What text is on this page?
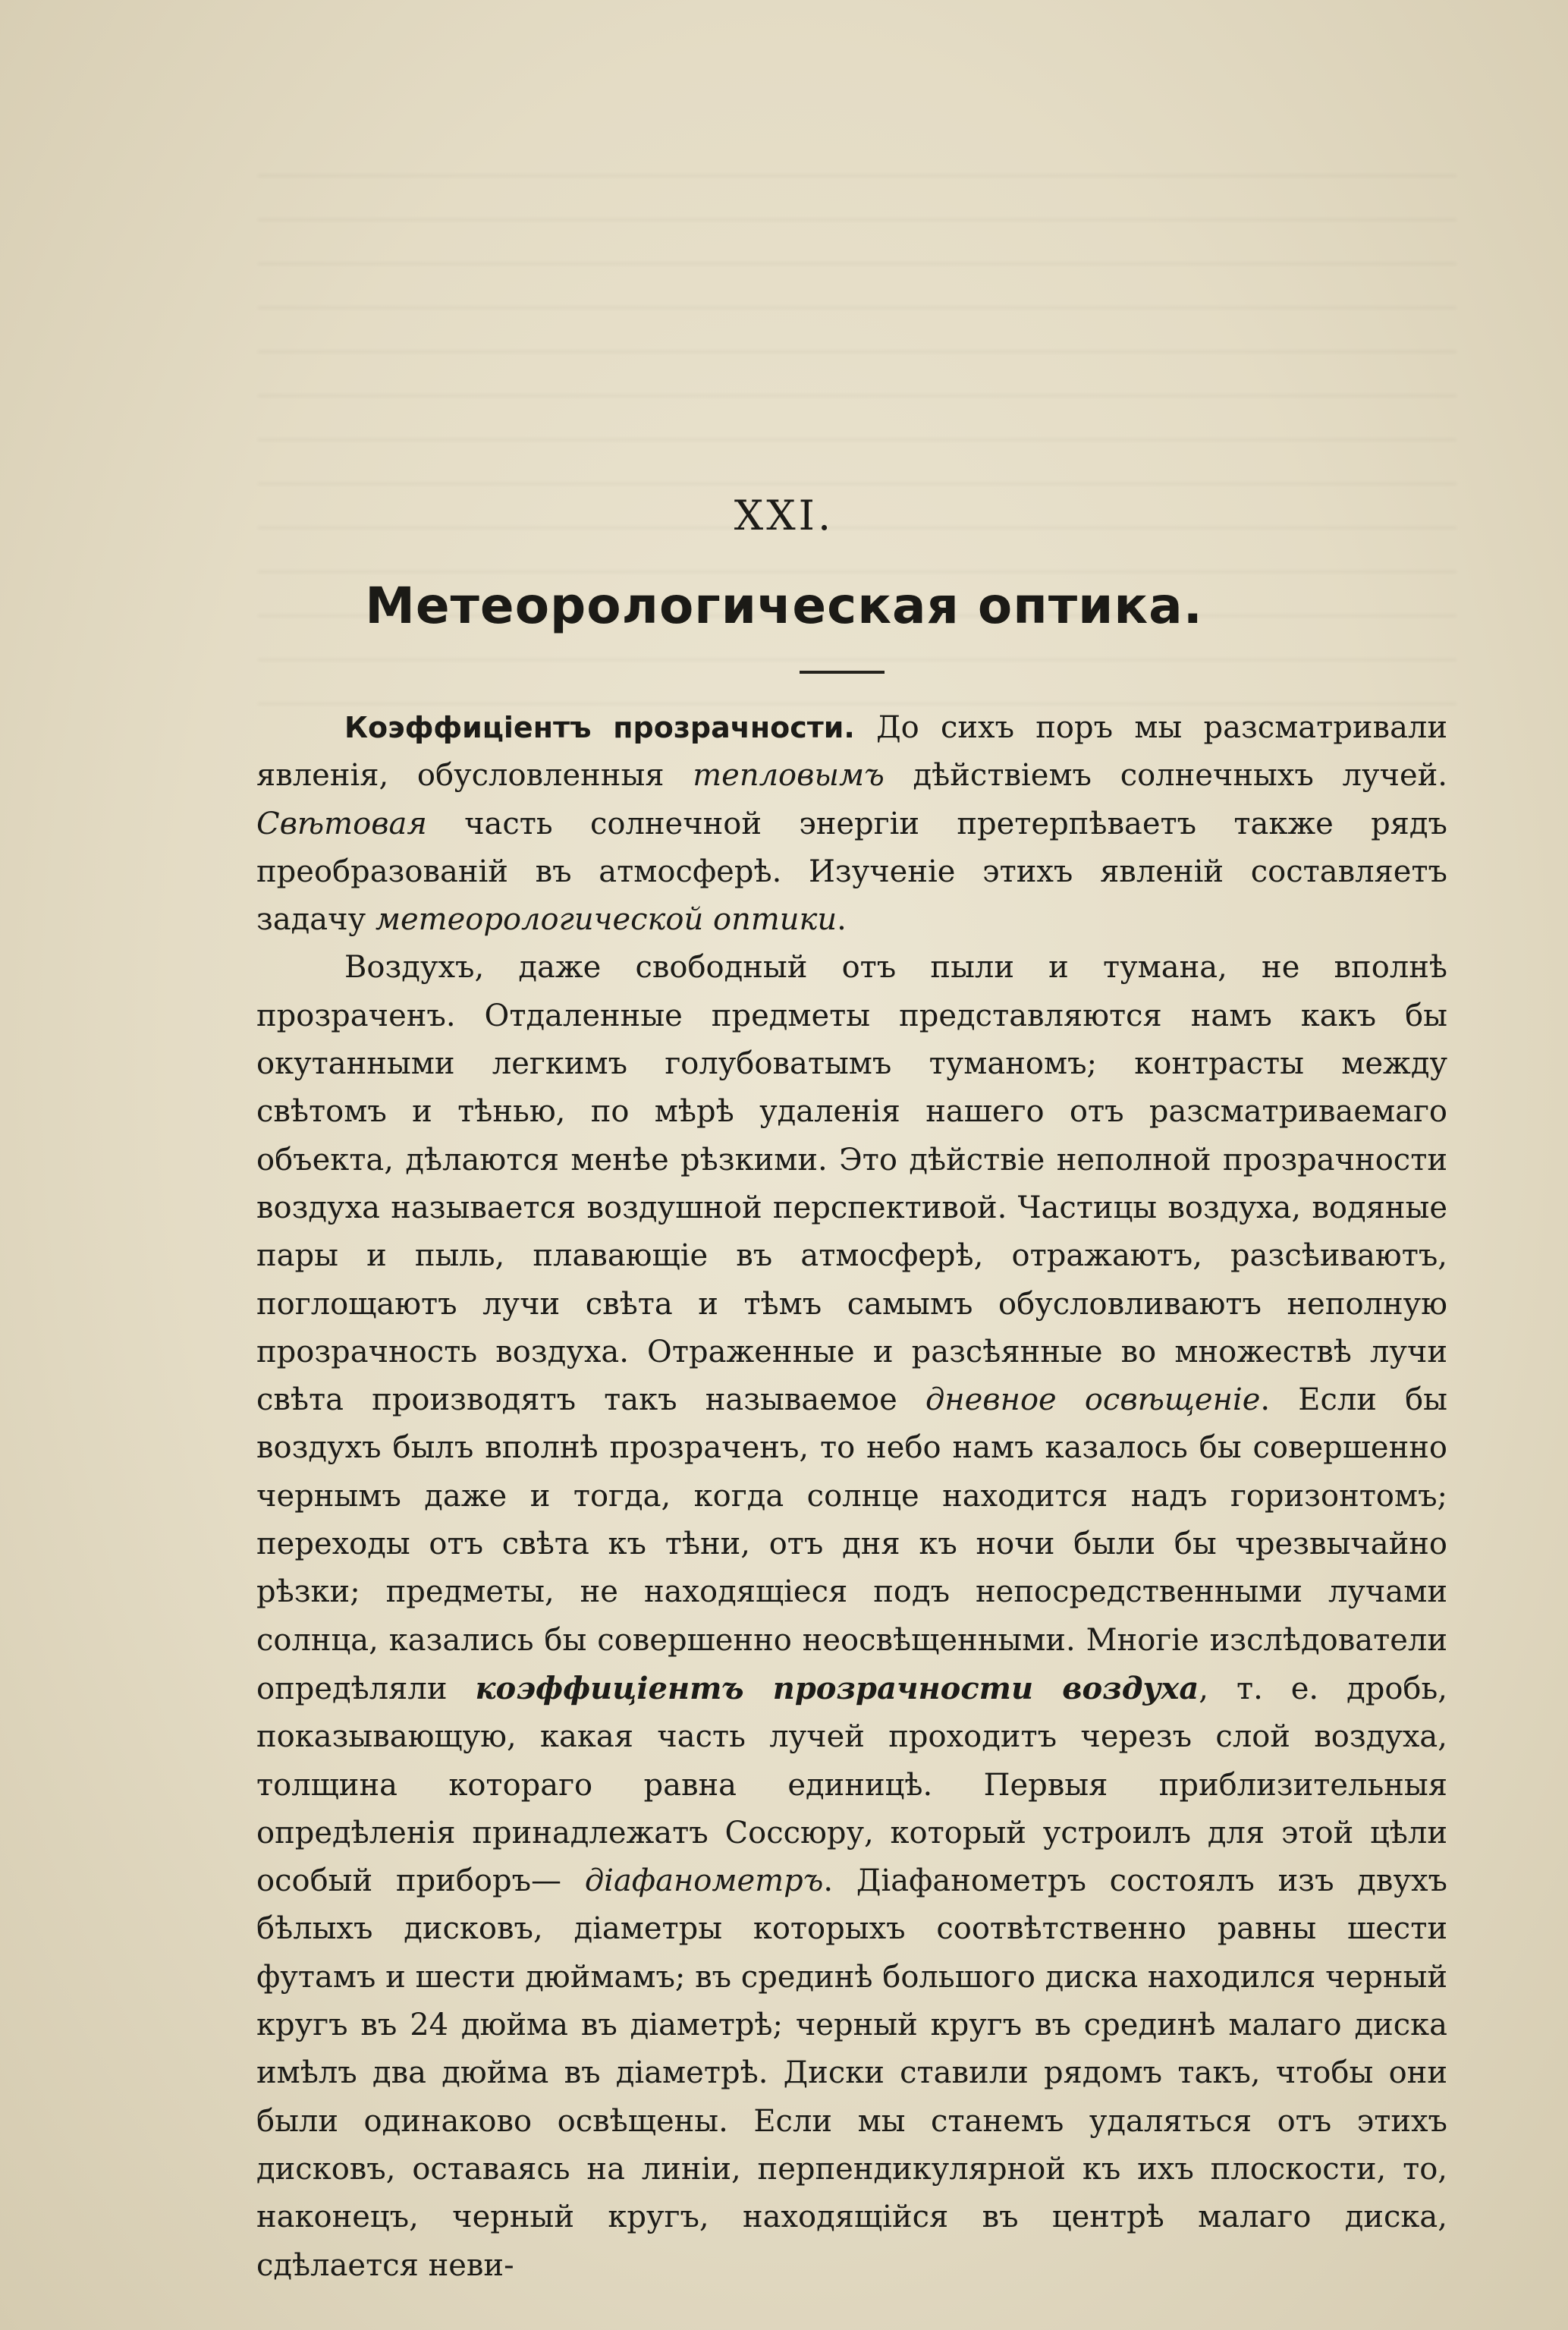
XXI.
Метеорологическая оптика.

Коэффиціентъ прозрачности. До сихъ поръ мы разсматривали явленія, обусловленныя тепловымъ дѣйствіемъ солнечныхъ лучей. Свѣтовая часть солнечной энергіи претерпѣваетъ также рядъ преобразованій въ атмосферѣ. Изученіе этихъ явленій составляетъ задачу метеорологической оптики.

Воздухъ, даже свободный отъ пыли и тумана, не вполнѣ прозраченъ. Отдаленные предметы представляются намъ какъ бы окутанными легкимъ голубоватымъ туманомъ; контрасты между свѣтомъ и тѣнью, по мѣрѣ удаленія нашего отъ разсматриваемаго объекта, дѣлаются менѣе рѣзкими. Это дѣйствіе неполной прозрачности воздуха называется воздушной перспективой. Частицы воздуха, водяные пары и пыль, плавающіе въ атмосферѣ, отражаютъ, разсѣиваютъ, поглощаютъ лучи свѣта и тѣмъ самымъ обусловливаютъ неполную прозрачность воздуха. Отраженные и разсѣянные во множествѣ лучи свѣта производятъ такъ называемое дневное освѣщеніе. Если бы воздухъ былъ вполнѣ прозраченъ, то небо намъ казалось бы совершенно чернымъ даже и тогда, когда солнце находится надъ горизонтомъ; переходы отъ свѣта къ тѣни, отъ дня къ ночи были бы чрезвычайно рѣзки; предметы, не находящіеся подъ непосредственными лучами солнца, казались бы совершенно неосвѣщенными. Многіе изслѣдователи опредѣляли коэффиціентъ прозрачности воздуха, т. е. дробь, показывающую, какая часть лучей проходитъ черезъ слой воздуха, толщина котораго равна единицѣ. Первыя приблизительныя опредѣленія принадлежатъ Соссюру, который устроилъ для этой цѣли особый приборъ— діафанометръ. Діафанометръ состоялъ изъ двухъ бѣлыхъ дисковъ, діаметры которыхъ соотвѣтственно равны шести футамъ и шести дюймамъ; въ срединѣ большого диска находился черный кругъ въ 24 дюйма въ діаметрѣ; черный кругъ въ срединѣ малаго диска имѣлъ два дюйма въ діаметрѣ. Диски ставили рядомъ такъ, чтобы они были одинаково освѣщены. Если мы станемъ удаляться отъ этихъ дисковъ, оставаясь на линіи, перпендикулярной къ ихъ плоскости, то, наконецъ, черный кругъ, находящійся въ центрѣ малаго диска, сдѣлается неви-
